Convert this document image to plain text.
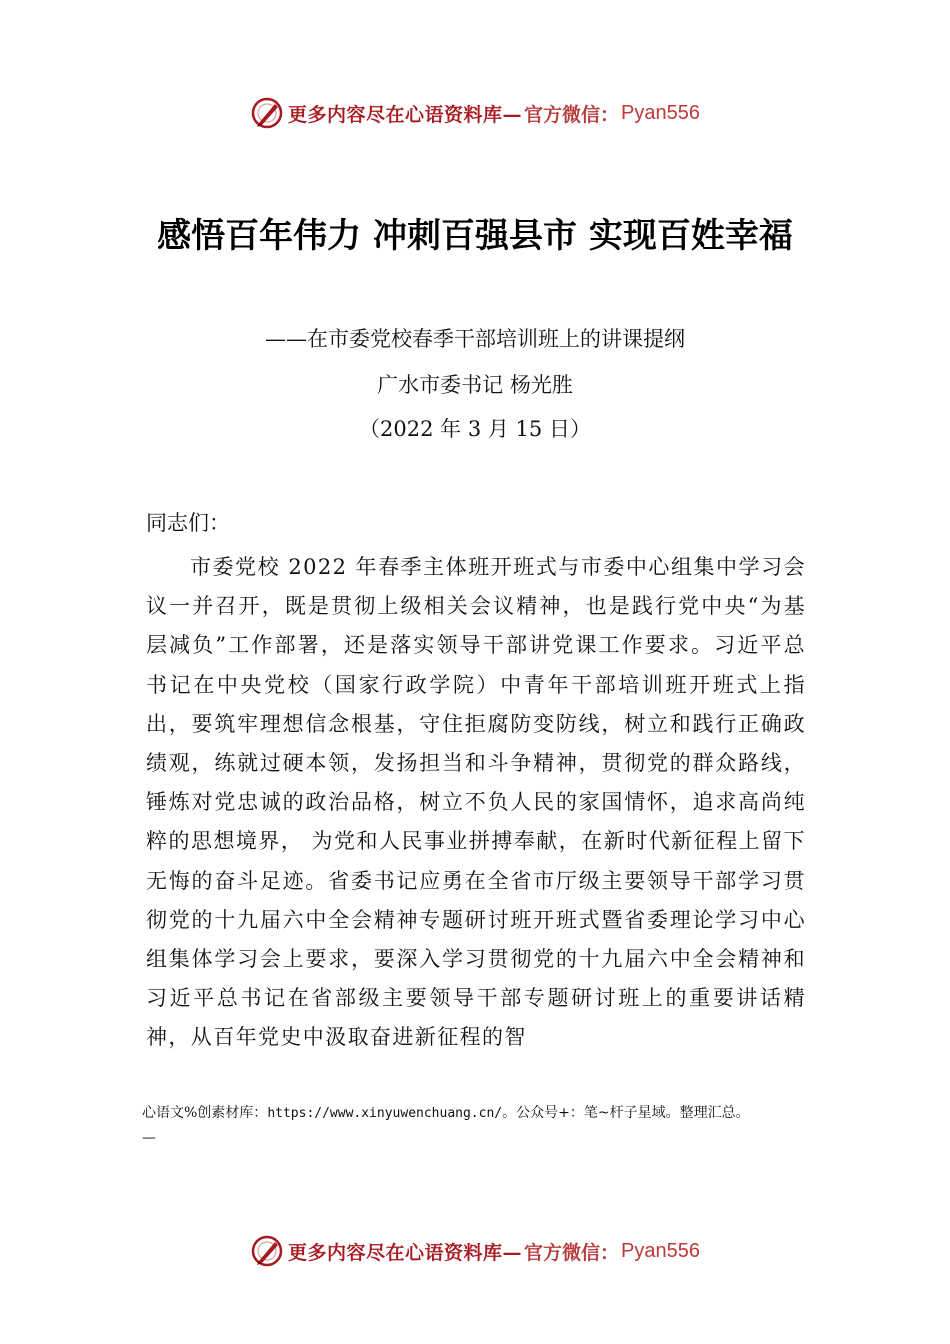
更多内容尽在心语资料库— 官方微信： Pyan556
感悟百年伟力 冲刺百强县市 实现百姓幸福
——在市委党校春季干部培训班上的讲课提纲
广水市委书记 杨光胜
（2022 年 3 月 15 日）
同志们：

市委党校 2022 年春季主体班开班式与市委中心组集中学习会议一并召开，既是贯彻上级相关会议精神，也是践行党中央“为基层减负”工作部署，还是落实领导干部讲党课工作要求。习近平总书记在中央党校（国家行政学院）中青年干部培训班开班式上指出，要筑牢理想信念根基，守住拒腐防变防线，树立和践行正确政绩观，练就过硬本领，发扬担当和斗争精神，贯彻党的群众路线，锤炼对党忠诚的政治品格，树立不负人民的家国情怀，追求高尚纯粹的思想境界， 为党和人民事业拼搏奉献，在新时代新征程上留下无悔的奋斗足迹。省委书记应勇在全省市厅级主要领导干部学习贯彻党的十九届六中全会精神专题研讨班开班式暨省委理论学习中心组集体学习会上要求，要深入学习贯彻党的十九届六中全会精神和习近平总书记在省部级主要领导干部专题研讨班上的重要讲话精神，从百年党史中汲取奋进新征程的智

心语文%创素材库：https://www.xinyuwenchuang.cn/。公众号+：笔~杆子星域。整理汇总。
—
更多内容尽在心语资料库— 官方微信： Pyan556
